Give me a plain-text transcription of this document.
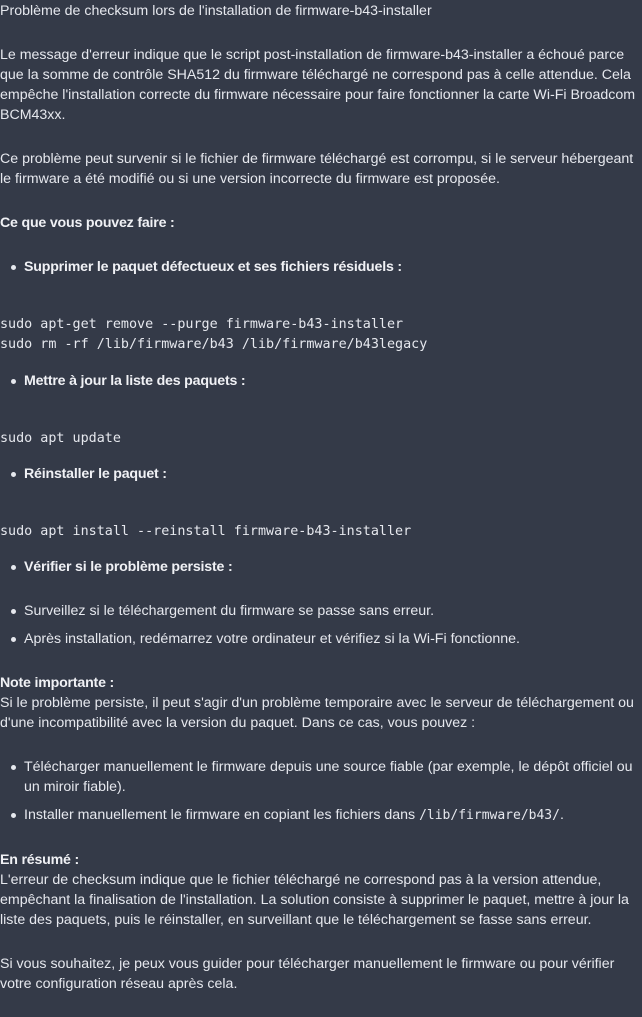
Problème de checksum lors de l'installation de firmware-b43-installer

Le message d'erreur indique que le script post-installation de firmware-b43-installer a échoué parce que la somme de contrôle SHA512 du firmware téléchargé ne correspond pas à celle attendue. Cela empêche l'installation correcte du firmware nécessaire pour faire fonctionner la carte Wi-Fi Broadcom BCM43xx.

Ce problème peut survenir si le fichier de firmware téléchargé est corrompu, si le serveur hébergeant le firmware a été modifié ou si une version incorrecte du firmware est proposée.

Ce que vous pouvez faire :

Supprimer le paquet défectueux et ses fichiers résiduels :
sudo apt-get remove --purge firmware-b43-installer
sudo rm -rf /lib/firmware/b43 /lib/firmware/b43legacy
Mettre à jour la liste des paquets :
sudo apt update
Réinstaller le paquet :
sudo apt install --reinstall firmware-b43-installer
Vérifier si le problème persiste :
Surveillez si le téléchargement du firmware se passe sans erreur.
Après installation, redémarrez votre ordinateur et vérifiez si la Wi-Fi fonctionne.

Note importante :

Si le problème persiste, il peut s'agir d'un problème temporaire avec le serveur de téléchargement ou d'une incompatibilité avec la version du paquet. Dans ce cas, vous pouvez :

Télécharger manuellement le firmware depuis une source fiable (par exemple, le dépôt officiel ou un miroir fiable).
Installer manuellement le firmware en copiant les fichiers dans /lib/firmware/b43/.

En résumé :

L'erreur de checksum indique que le fichier téléchargé ne correspond pas à la version attendue, empêchant la finalisation de l'installation. La solution consiste à supprimer le paquet, mettre à jour la liste des paquets, puis le réinstaller, en surveillant que le téléchargement se fasse sans erreur.

Si vous souhaitez, je peux vous guider pour télécharger manuellement le firmware ou pour vérifier votre configuration réseau après cela.
